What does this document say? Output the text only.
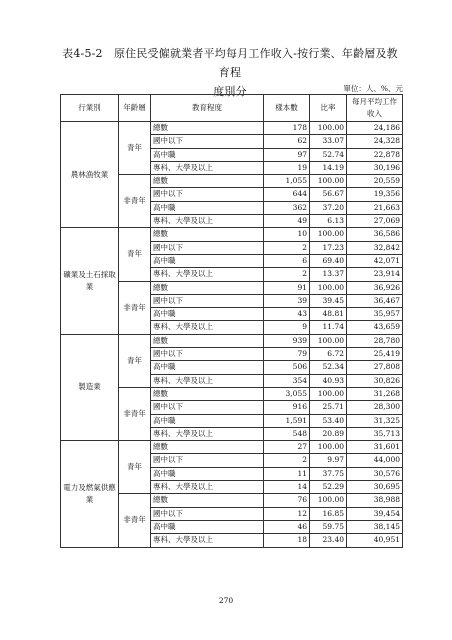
表4-5-2　原住民受僱就業者平均每月工作收入-按行業、年齡層及教育程
度別分	單位：人、%、元
行業別	年齡層	教育程度	樣本數	比率	每月平均工作收入
農林漁牧業	青年	總數	178	100.00	24,186
		國中以下	62	33.07	24,328
		高中職	97	52.74	22,878
		專科、大學及以上	19	14.19	30,196
	非青年	總數	1,055	100.00	20,559
		國中以下	644	56.67	19,356
		高中職	362	37.20	21,663
		專科、大學及以上	49	6.13	27,069
礦業及土石採取業	青年	總數	10	100.00	36,586
		國中以下	2	17.23	32,842
		高中職	6	69.40	42,071
		專科、大學及以上	2	13.37	23,914
	非青年	總數	91	100.00	36,926
		國中以下	39	39.45	36,467
		高中職	43	48.81	35,957
		專科、大學及以上	9	11.74	43,659
製造業	青年	總數	939	100.00	28,780
		國中以下	79	6.72	25,419
		高中職	506	52.34	27,808
		專科、大學及以上	354	40.93	30,826
	非青年	總數	3,055	100.00	31,268
		國中以下	916	25.71	28,300
		高中職	1,591	53.40	31,325
		專科、大學及以上	548	20.89	35,713
電力及燃氣供應業	青年	總數	27	100.00	31,601
		國中以下	2	9.97	44,000
		高中職	11	37.75	30,576
		專科、大學及以上	14	52.29	30,695
	非青年	總數	76	100.00	38,988
		國中以下	12	16.85	39,454
		高中職	46	59.75	38,145
		專科、大學及以上	18	23.40	40,951
270
